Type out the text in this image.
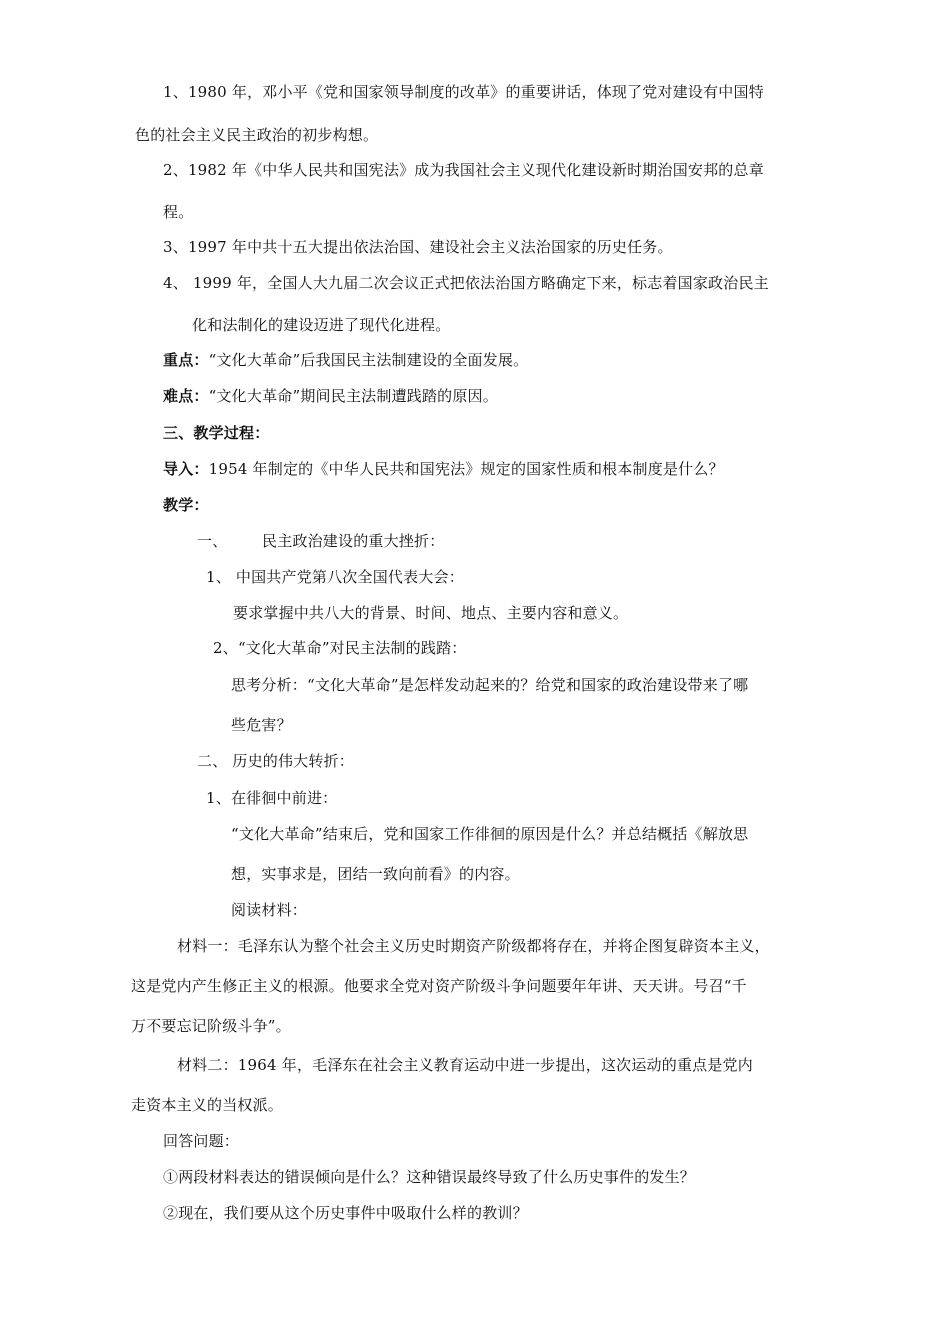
1、1980 年，邓小平《党和国家领导制度的改革》的重要讲话，体现了党对建设有中国特
色的社会主义民主政治的初步构想。
2、1982 年《中华人民共和国宪法》成为我国社会主义现代化建设新时期治国安邦的总章
程。
3、1997 年中共十五大提出依法治国、建设社会主义法治国家的历史任务。
4、 1999 年，全国人大九届二次会议正式把依法治国方略确定下来，标志着国家政治民主
化和法制化的建设迈进了现代化进程。
重点：“文化大革命”后我国民主法制建设的全面发展。
难点：“文化大革命”期间民主法制遭践踏的原因。
三、教学过程：
导入：1954 年制定的《中华人民共和国宪法》规定的国家性质和根本制度是什么？
教学：
一、 民主政治建设的重大挫折：
1、 中国共产党第八次全国代表大会：
要求掌握中共八大的背景、时间、地点、主要内容和意义。
2、“文化大革命”对民主法制的践踏：
思考分析：“文化大革命”是怎样发动起来的？给党和国家的政治建设带来了哪
些危害？
二、 历史的伟大转折：
1、在徘徊中前进：
“文化大革命”结束后，党和国家工作徘徊的原因是什么？并总结概括《解放思
想，实事求是，团结一致向前看》的内容。
阅读材料：
材料一：毛泽东认为整个社会主义历史时期资产阶级都将存在，并将企图复辟资本主义，
这是党内产生修正主义的根源。他要求全党对资产阶级斗争问题要年年讲、天天讲。号召“千
万不要忘记阶级斗争”。
材料二：1964 年，毛泽东在社会主义教育运动中进一步提出，这次运动的重点是党内
走资本主义的当权派。
回答问题：
①两段材料表达的错误倾向是什么？这种错误最终导致了什么历史事件的发生？
②现在，我们要从这个历史事件中吸取什么样的教训？
